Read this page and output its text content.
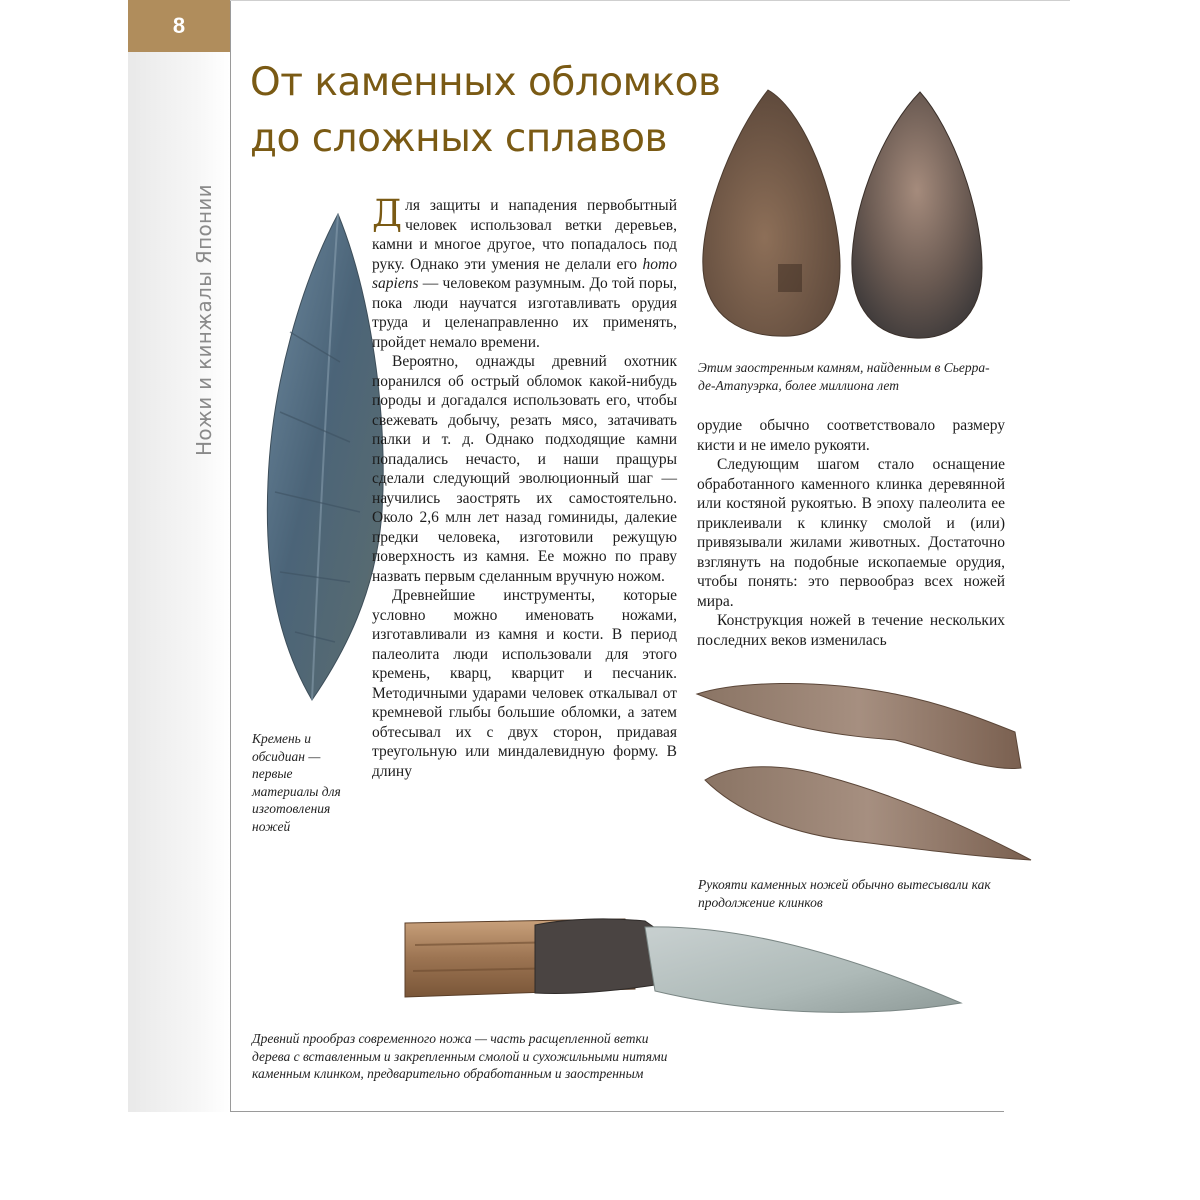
8
Ножи и кинжалы Японии
От каменных обломков
до сложных сплавов

Для защиты и нападения первобытный человек использовал ветки деревьев, камни и многое другое, что попадалось под руку. Однако эти умения не делали его homo sapiens — человеком разумным. До той поры, пока люди научатся изготавливать орудия труда и целенаправленно их применять, пройдет немало времени.

Вероятно, однажды древний охотник поранился об острый обломок какой-нибудь породы и догадался использовать его, чтобы свежевать добычу, резать мясо, затачивать палки и т. д. Однако подходящие камни попадались нечасто, и наши пращуры сделали следующий эволюционный шаг — научились заострять их самостоятельно. Около 2,6 млн лет назад гоминиды, далекие предки человека, изготовили режущую поверхность из камня. Ее можно по праву назвать первым сделанным вручную ножом.

Древнейшие инструменты, которые условно можно именовать ножами, изготавливали из камня и кости. В период палеолита люди использовали для этого кремень, кварц, кварцит и песчаник. Методичными ударами человек откалывал от кремневой глыбы большие обломки, а затем обтесывал их с двух сторон, придавая треугольную или миндалевидную форму. В длину

орудие обычно соответствовало размеру кисти и не имело рукояти.

Следующим шагом стало оснащение обработанного каменного клинка деревянной или костяной рукоятью. В эпоху палеолита ее приклеивали к клинку смолой и (или) привязывали жилами животных. Достаточно взглянуть на подобные ископаемые орудия, чтобы понять: это первообраз всех ножей мира.

Конструкция ножей в течение нескольких последних веков изменилась

Кремень и обсидиан — первые материалы для изготовления ножей

Этим заостренным камням, найденным в Сьерра-де-Атапуэрка, более миллиона лет

Рукояти каменных ножей обычно вытесывали как продолжение клинков

Древний прообраз современного ножа — часть расщепленной ветки дерева с вставленным и закрепленным смолой и сухожильными нитями каменным клинком, предварительно обработанным и заостренным
